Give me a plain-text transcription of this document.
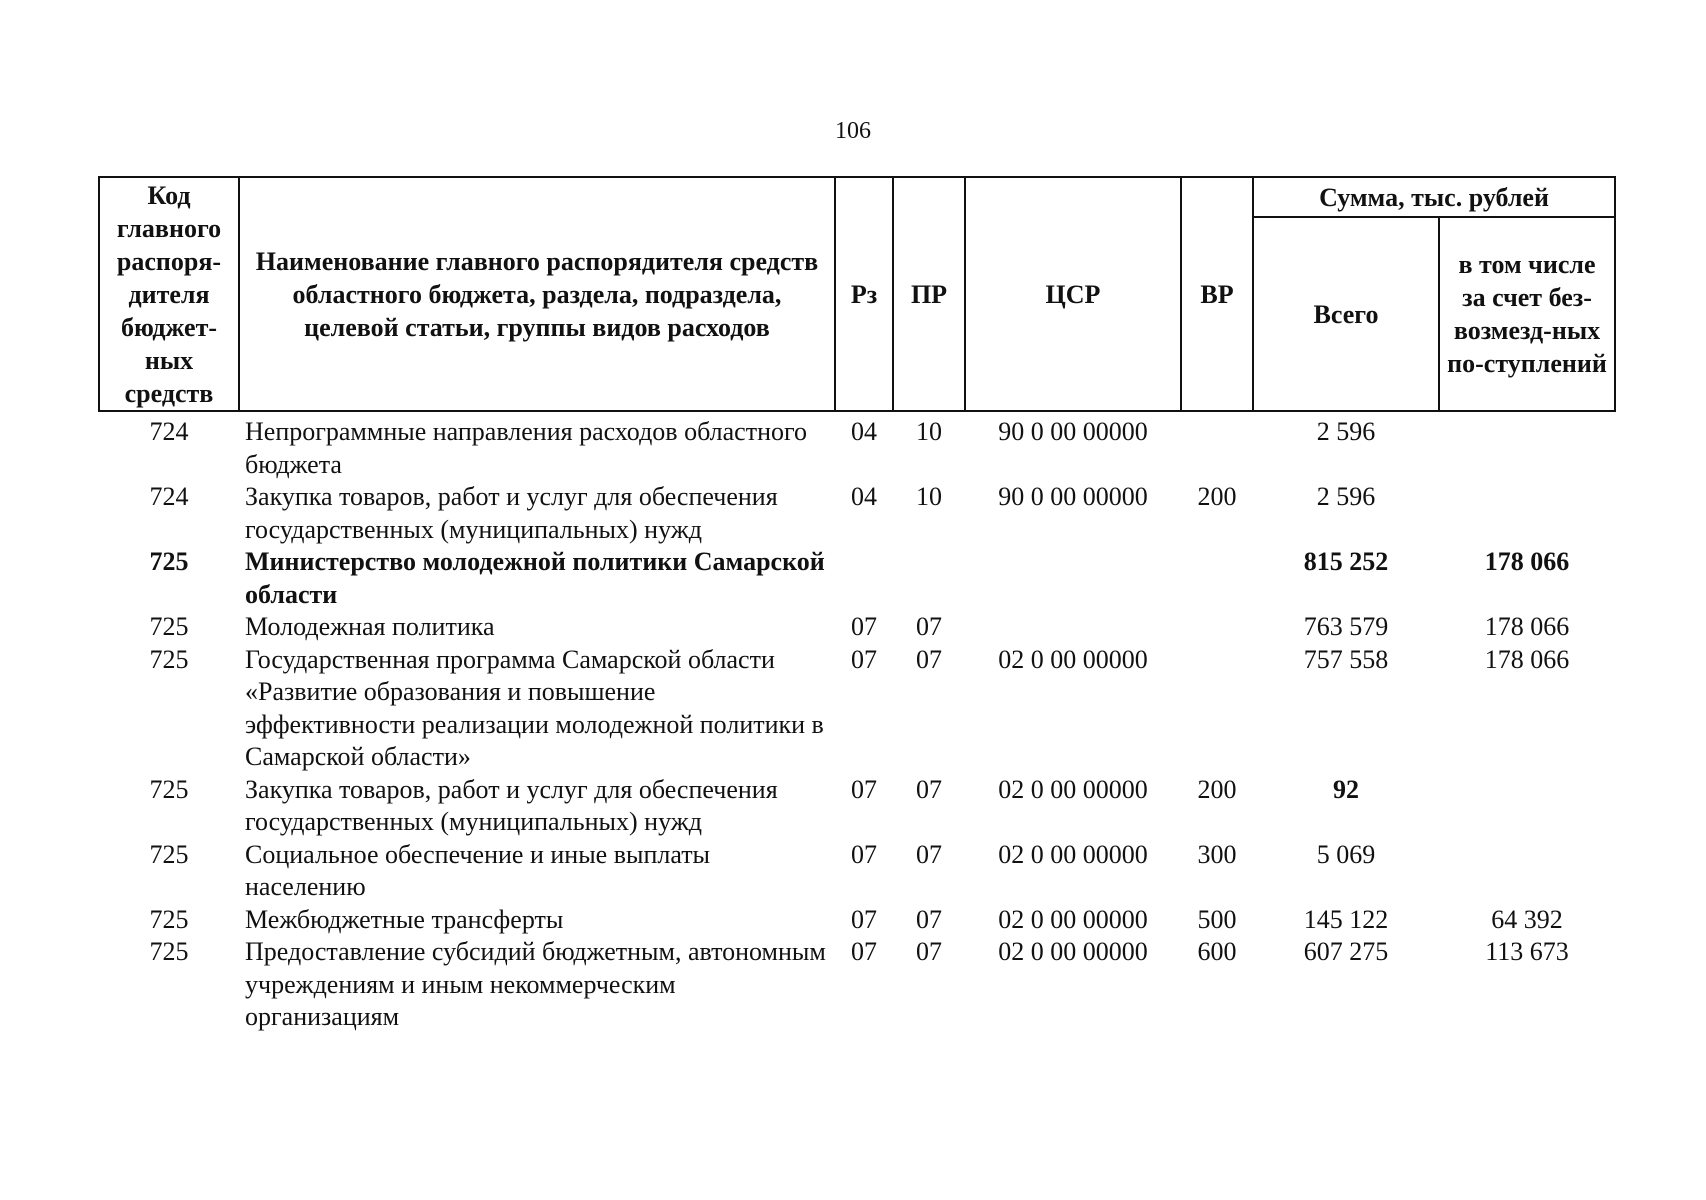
106
Код главного распоря-дителя бюджет-ных средств	Наименование главного распорядителя средств областного бюджета, раздела, подраздела, целевой статьи, группы видов расходов	Рз	ПР	ЦСР	ВР	Сумма, тыс. рублей	
						Всего	в том числе за счет без-возмезд-ных по-ступлений
724	Непрограммные направления расходов областного бюджета	04	10	90 0 00 00000		2 596	
724	Закупка товаров, работ и услуг для обеспечения государственных (муниципальных) нужд	04	10	90 0 00 00000	200	2 596	
725	Министерство молодежной политики Самарской области					815 252	178 066
725	Молодежная политика	07	07			763 579	178 066
725	Государственная программа Самарской области «Развитие образования и повышение эффективности реализации молодежной политики в Самарской области»	07	07	02 0 00 00000		757 558	178 066
725	Закупка товаров, работ и услуг для обеспечения государственных (муниципальных) нужд	07	07	02 0 00 00000	200	92	
725	Социальное обеспечение и иные выплаты населению	07	07	02 0 00 00000	300	5 069	
725	Межбюджетные трансферты	07	07	02 0 00 00000	500	145 122	64 392
725	Предоставление субсидий бюджетным, автономным учреждениям и иным некоммерческим организациям	07	07	02 0 00 00000	600	607 275	113 673
